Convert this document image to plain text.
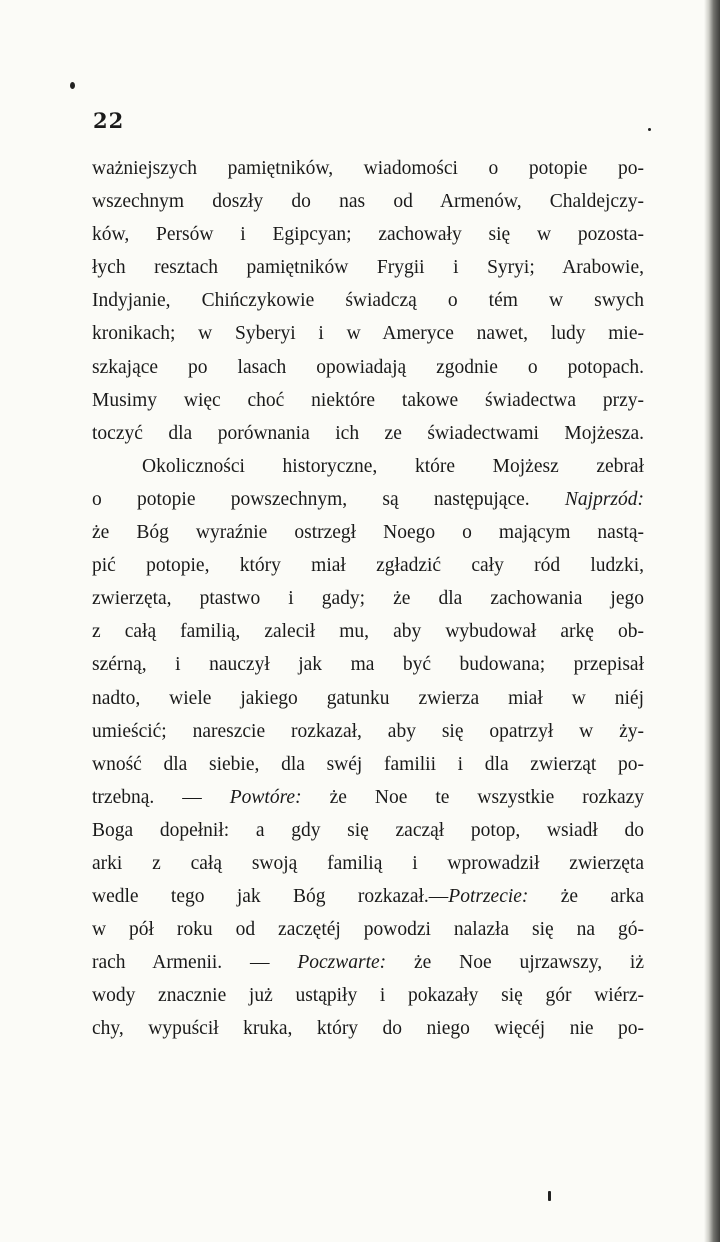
22
ważniejszych pamiętników, wiadomości o potopie po-
wszechnym doszły do nas od Armenów, Chaldejczy-
ków, Persów i Egipcyan; zachowały się w pozosta-
łych resztach pamiętników Frygii i Syryi; Arabowie,
Indyjanie, Chińczykowie świadczą o tém w swych
kronikach; w Syberyi i w Ameryce nawet, ludy mie-
szkające po lasach opowiadają zgodnie o potopach.
Musimy więc choć niektóre takowe świadectwa przy-
toczyć dla porównania ich ze świadectwami Mojżesza.
Okoliczności historyczne, które Mojżesz zebrał
o potopie powszechnym, są następujące. Najprzód:
że Bóg wyraźnie ostrzegł Noego o mającym nastą-
pić potopie, który miał zgładzić cały ród ludzki,
zwierzęta, ptastwo i gady; że dla zachowania jego
z całą familią, zalecił mu, aby wybudował arkę ob-
szérną, i nauczył jak ma być budowana; przepisał
nadto, wiele jakiego gatunku zwierza miał w niéj
umieścić; nareszcie rozkazał, aby się opatrzył w ży-
wność dla siebie, dla swéj familii i dla zwierząt po-
trzebną. — Powtóre: że Noe te wszystkie rozkazy
Boga dopełnił: a gdy się zaczął potop, wsiadł do
arki z całą swoją familią i wprowadził zwierzęta
wedle tego jak Bóg rozkazał.—Potrzecie: że arka
w pół roku od zaczętéj powodzi nalazła się na gó-
rach Armenii. — Poczwarte: że Noe ujrzawszy, iż
wody znacznie już ustąpiły i pokazały się gór wiérz-
chy, wypuścił kruka, który do niego więcéj nie po-
